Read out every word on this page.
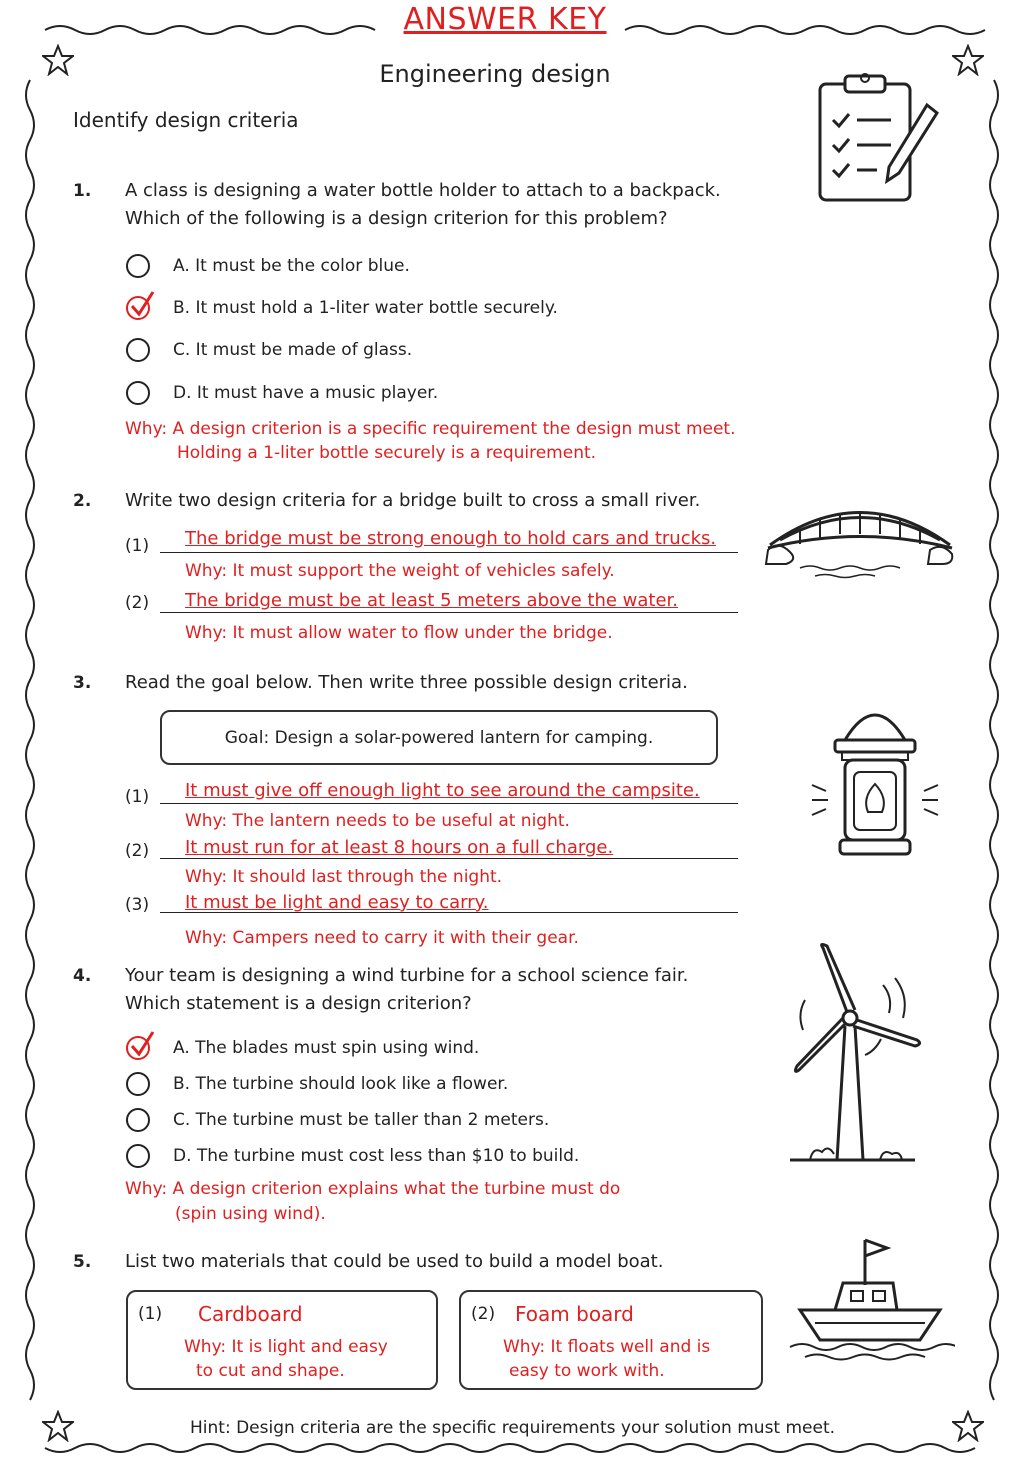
ANSWER KEY
Engineering design
Identify design criteria
1. A class is designing a water bottle holder to attach to a backpack.
Which of the following is a design criterion for this problem?
A. It must be the color blue.
B. It must hold a 1-liter water bottle securely.
C. It must be made of glass.
D. It must have a music player.
Why: A design criterion is a specific requirement the design must meet.
Holding a 1-liter bottle securely is a requirement.
2. Write two design criteria for a bridge built to cross a small river.
(1) The bridge must be strong enough to hold cars and trucks.
Why: It must support the weight of vehicles safely.
(2) The bridge must be at least 5 meters above the water.
Why: It must allow water to flow under the bridge.
3. Read the goal below. Then write three possible design criteria.
Goal: Design a solar-powered lantern for camping.
(1) It must give off enough light to see around the campsite.
Why: The lantern needs to be useful at night.
(2) It must run for at least 8 hours on a full charge.
Why: It should last through the night.
(3) It must be light and easy to carry.
Why: Campers need to carry it with their gear.
4. Your team is designing a wind turbine for a school science fair.
Which statement is a design criterion?
A. The blades must spin using wind.
B. The turbine should look like a flower.
C. The turbine must be taller than 2 meters.
D. The turbine must cost less than $10 to build.
Why: A design criterion explains what the turbine must do
(spin using wind).
5. List two materials that could be used to build a model boat.
(1) Cardboard
Why: It is light and easy
to cut and shape.
(2) Foam board
Why: It floats well and is
easy to work with.
Hint: Design criteria are the specific requirements your solution must meet.
